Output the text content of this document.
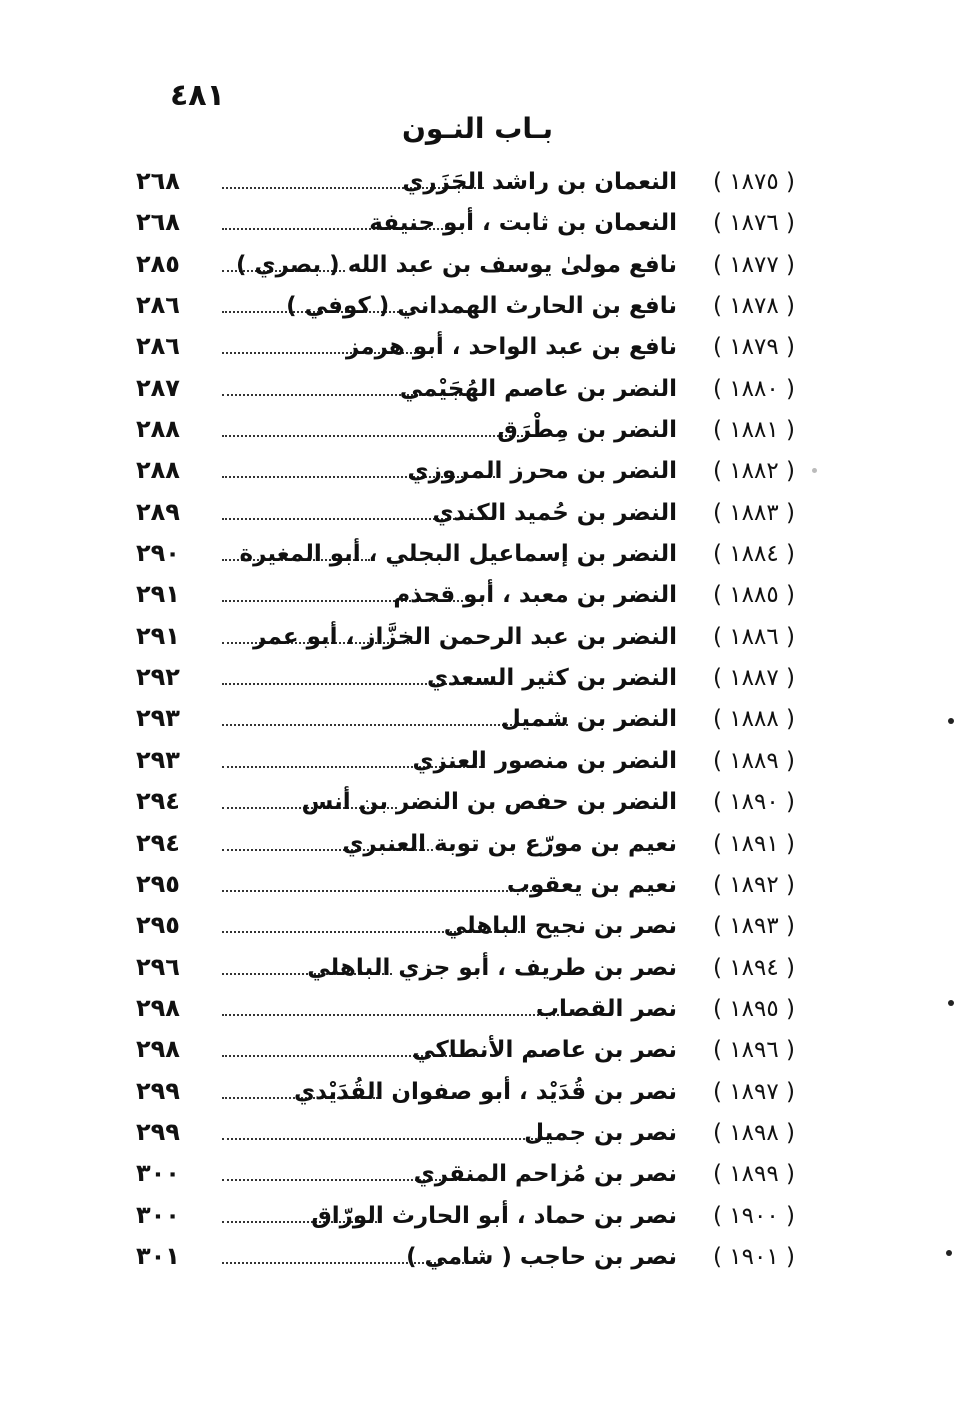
٤٨١
بـاب النـون
٢٦٨	النعمان بن راشد الجَزَري ( ١٨٧٥ )
٢٦٨	النعمان بن ثابت ، أبو حنيفة ( ١٨٧٦ )
٢٨٥	نافع مولىٰ يوسف بن عبد الله ( بصري ) ( ١٨٧٧ )
٢٨٦	نافع بن الحارث الهمداني ( كوفي ) ( ١٨٧٨ )
٢٨٦	نافع بن عبد الواحد ، أبو هرمز ( ١٨٧٩ )
٢٨٧	النضر بن عاصم الهُجَيْمي ( ١٨٨٠ )
٢٨٨	النضر بن مِطْرَق ( ١٨٨١ )
٢٨٨	النضر بن محرز المروزي ( ١٨٨٢ )
٢٨٩	النضر بن حُميد الكندي ( ١٨٨٣ )
٢٩٠	النضر بن إسماعيل البجلي ، أبو المغيرة ( ١٨٨٤ )
٢٩١	النضر بن معبد ، أبو قحذم ( ١٨٨٥ )
٢٩١	النضر بن عبد الرحمن الخزَّاز ، أبو عمر ( ١٨٨٦ )
٢٩٢	النضر بن كثير السعدي ( ١٨٨٧ )
٢٩٣	النضر بن شميل ( ١٨٨٨ )
٢٩٣	النضر بن منصور العنزي ( ١٨٨٩ )
٢٩٤	النضر بن حفص بن النضر بن أنس ( ١٨٩٠ )
٢٩٤	نعيم بن مورّع بن توبة العنبري ( ١٨٩١ )
٢٩٥	نعيم بن يعقوب ( ١٨٩٢ )
٢٩٥	نصر بن نجيح الباهلي ( ١٨٩٣ )
٢٩٦	نصر بن طريف ، أبو جزي الباهلي ( ١٨٩٤ )
٢٩٨	نصر القصاب ( ١٨٩٥ )
٢٩٨	نصر بن عاصم الأنطاكي ( ١٨٩٦ )
٢٩٩	نصر بن قُدَيْد ، أبو صفوان القُدَيْدي ( ١٨٩٧ )
٢٩٩	نصر بن جميل ( ١٨٩٨ )
٣٠٠	نصر بن مُزاحم المنقري ( ١٨٩٩ )
٣٠٠	نصر بن حماد ، أبو الحارث الورّاق ( ١٩٠٠ )
٣٠١	نصر بن حاجب ( شامي ) ( ١٩٠١ )
